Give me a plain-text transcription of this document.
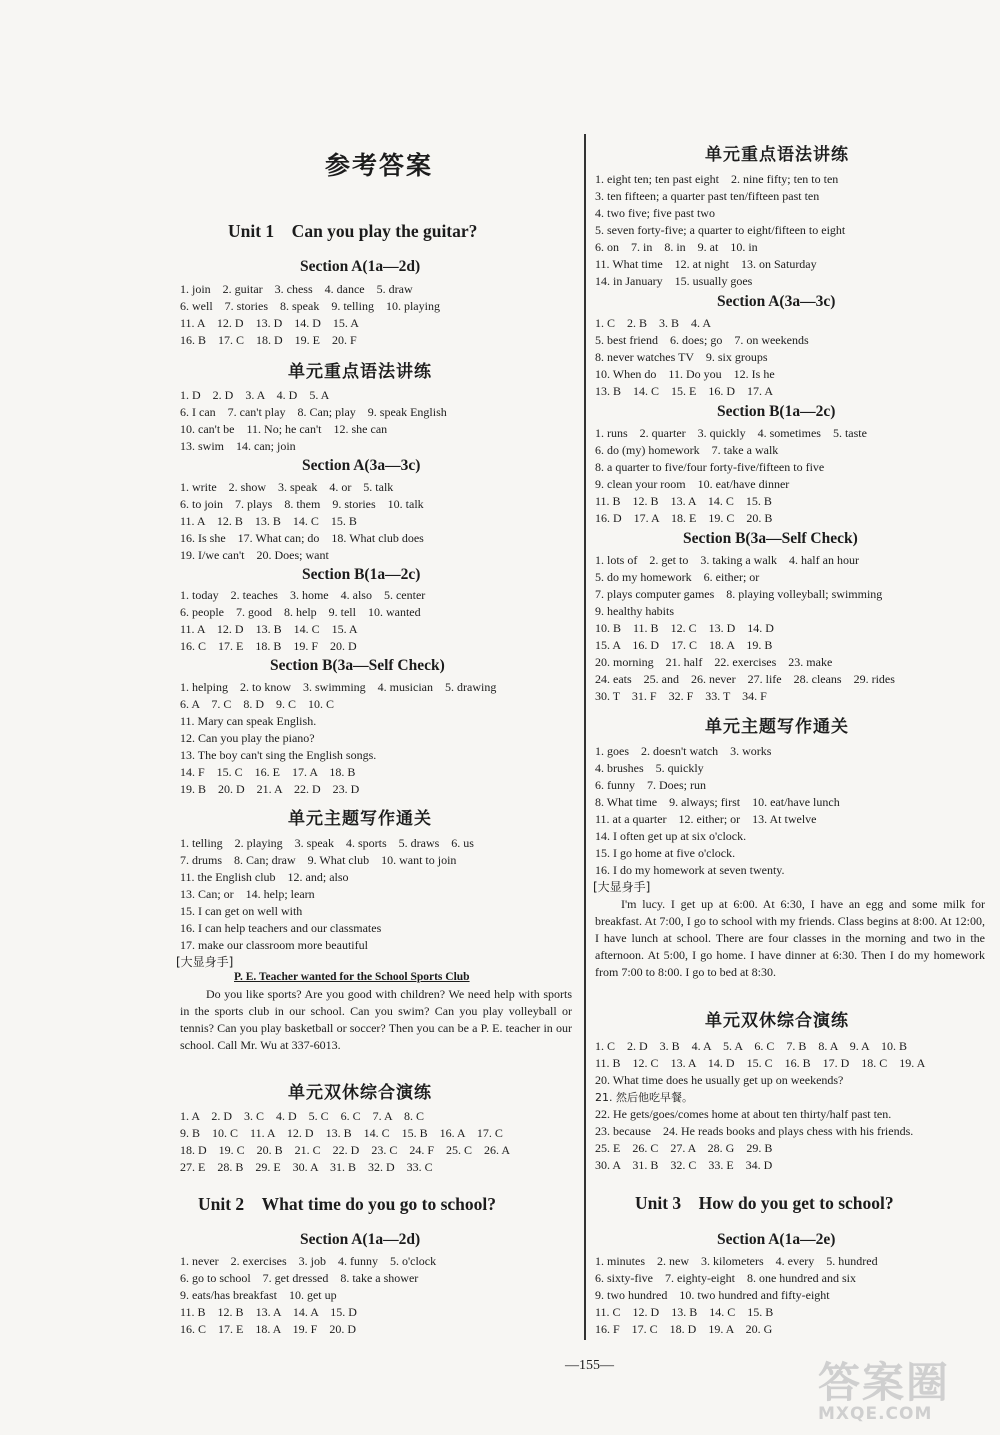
参考答案
Unit 1　Can you play the guitar?
Section A(1a—2d)
1. join　2. guitar　3. chess　4. dance　5. draw
6. well　7. stories　8. speak　9. telling　10. playing
11. A　12. D　13. D　14. D　15. A
16. B　17. C　18. D　19. E　20. F
单元重点语法讲练
1. D　2. D　3. A　4. D　5. A
6. I can　7. can't play　8. Can; play　9. speak English
10. can't be　11. No; he can't　12. she can
13. swim　14. can; join
Section A(3a—3c)
1. write　2. show　3. speak　4. or　5. talk
6. to join　7. plays　8. them　9. stories　10. talk
11. A　12. B　13. B　14. C　15. B
16. Is she　17. What can; do　18. What club does
19. I/we can't　20. Does; want
Section B(1a—2c)
1. today　2. teaches　3. home　4. also　5. center
6. people　7. good　8. help　9. tell　10. wanted
11. A　12. D　13. B　14. C　15. A
16. C　17. E　18. B　19. F　20. D
Section B(3a—Self Check)
1. helping　2. to know　3. swimming　4. musician　5. drawing
6. A　7. C　8. D　9. C　10. C
11. Mary can speak English.
12. Can you play the piano?
13. The boy can't sing the English songs.
14. F　15. C　16. E　17. A　18. B
19. B　20. D　21. A　22. D　23. D
单元主题写作通关
1. telling　2. playing　3. speak　4. sports　5. draws　6. us
7. drums　8. Can; draw　9. What club　10. want to join
11. the English club　12. and; also
13. Can; or　14. help; learn
15. I can get on well with
16. I can help teachers and our classmates
17. make our classroom more beautiful
[大显身手]
P. E. Teacher wanted for the School Sports Club
Do you like sports? Are you good with children? We need help with sports in the sports club in our school. Can you swim? Can you play volleyball or tennis? Can you play basketball or soccer? Then you can be a P. E. teacher in our school. Call Mr. Wu at 337-6013.
单元双休综合演练
1. A　2. D　3. C　4. D　5. C　6. C　7. A　8. C
9. B　10. C　11. A　12. D　13. B　14. C　15. B　16. A　17. C
18. D　19. C　20. B　21. C　22. D　23. C　24. F　25. C　26. A
27. E　28. B　29. E　30. A　31. B　32. D　33. C
Unit 2　What time do you go to school?
Section A(1a—2d)
1. never　2. exercises　3. job　4. funny　5. o'clock
6. go to school　7. get dressed　8. take a shower
9. eats/has breakfast　10. get up
11. B　12. B　13. A　14. A　15. D
16. C　17. E　18. A　19. F　20. D
单元重点语法讲练
1. eight ten; ten past eight　2. nine fifty; ten to ten
3. ten fifteen; a quarter past ten/fifteen past ten
4. two five; five past two
5. seven forty-five; a quarter to eight/fifteen to eight
6. on　7. in　8. in　9. at　10. in
11. What time　12. at night　13. on Saturday
14. in January　15. usually goes
Section A(3a—3c)
1. C　2. B　3. B　4. A
5. best friend　6. does; go　7. on weekends
8. never watches TV　9. six groups
10. When do　11. Do you　12. Is he
13. B　14. C　15. E　16. D　17. A
Section B(1a—2c)
1. runs　2. quarter　3. quickly　4. sometimes　5. taste
6. do (my) homework　7. take a walk
8. a quarter to five/four forty-five/fifteen to five
9. clean your room　10. eat/have dinner
11. B　12. B　13. A　14. C　15. B
16. D　17. A　18. E　19. C　20. B
Section B(3a—Self Check)
1. lots of　2. get to　3. taking a walk　4. half an hour
5. do my homework　6. either; or
7. plays computer games　8. playing volleyball; swimming
9. healthy habits
10. B　11. B　12. C　13. D　14. D
15. A　16. D　17. C　18. A　19. B
20. morning　21. half　22. exercises　23. make
24. eats　25. and　26. never　27. life　28. cleans　29. rides
30. T　31. F　32. F　33. T　34. F
单元主题写作通关
1. goes　2. doesn't watch　3. works
4. brushes　5. quickly
6. funny　7. Does; run
8. What time　9. always; first　10. eat/have lunch
11. at a quarter　12. either; or　13. At twelve
14. I often get up at six o'clock.
15. I go home at five o'clock.
16. I do my homework at seven twenty.
[大显身手]
I'm lucy. I get up at 6:00. At 6:30, I have an egg and some milk for breakfast. At 7:00, I go to school with my friends. Class begins at 8:00. At 12:00, I have lunch at school. There are four classes in the morning and two in the afternoon. At 5:00, I go home. I have dinner at 6:30. Then I do my homework from 7:00 to 8:00. I go to bed at 8:30.
单元双休综合演练
1. C　2. D　3. B　4. A　5. A　6. C　7. B　8. A　9. A　10. B
11. B　12. C　13. A　14. D　15. C　16. B　17. D　18. C　19. A
20. What time does he usually get up on weekends?
21. 然后他吃早餐。
22. He gets/goes/comes home at about ten thirty/half past ten.
23. because　24. He reads books and plays chess with his friends.
25. E　26. C　27. A　28. G　29. B
30. A　31. B　32. C　33. E　34. D
Unit 3　How do you get to school?
Section A(1a—2e)
1. minutes　2. new　3. kilometers　4. every　5. hundred
6. sixty-five　7. eighty-eight　8. one hundred and six
9. two hundred　10. two hundred and fifty-eight
11. C　12. D　13. B　14. C　15. B
16. F　17. C　18. D　19. A　20. G
—155—	答案圈
MXQE.COM
